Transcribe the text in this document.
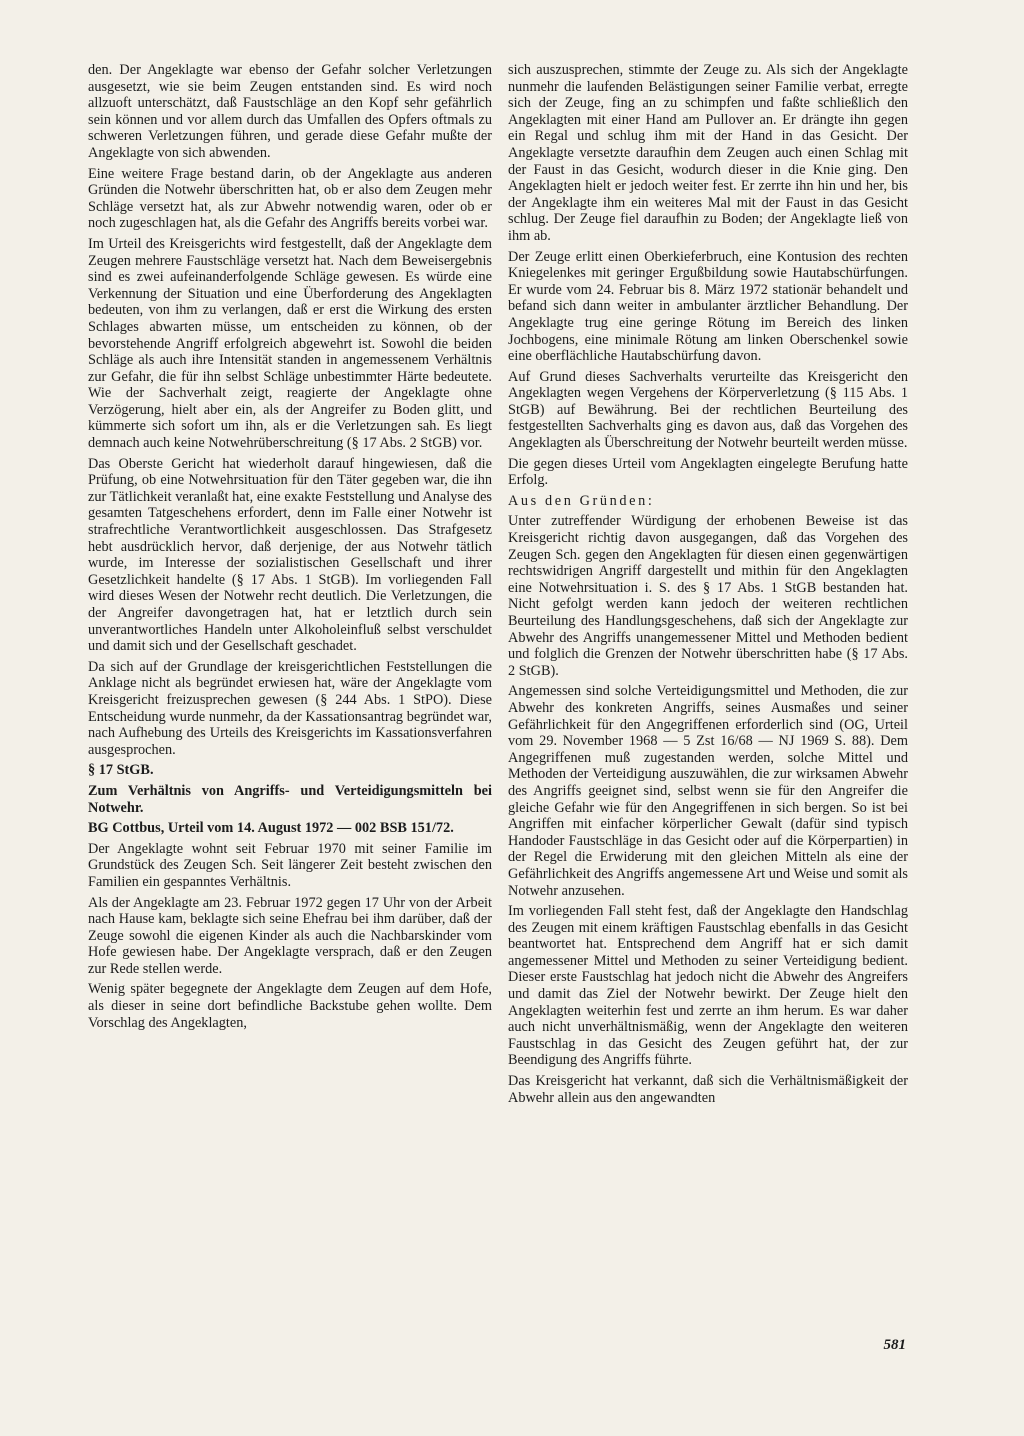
den. Der Angeklagte war ebenso der Gefahr solcher Verletzungen ausgesetzt, wie sie beim Zeugen entstanden sind. Es wird noch allzuoft unterschätzt, daß Faustschläge an den Kopf sehr gefährlich sein können und vor allem durch das Umfallen des Opfers oftmals zu schweren Verletzungen führen, und gerade diese Gefahr mußte der Angeklagte von sich abwenden.

Eine weitere Frage bestand darin, ob der Angeklagte aus anderen Gründen die Notwehr überschritten hat, ob er also dem Zeugen mehr Schläge versetzt hat, als zur Abwehr notwendig waren, oder ob er noch zugeschlagen hat, als die Gefahr des Angriffs bereits vorbei war.

Im Urteil des Kreisgerichts wird festgestellt, daß der Angeklagte dem Zeugen mehrere Faustschläge versetzt hat. Nach dem Beweisergebnis sind es zwei aufeinanderfolgende Schläge gewesen. Es würde eine Verkennung der Situation und eine Überforderung des Angeklagten bedeuten, von ihm zu verlangen, daß er erst die Wirkung des ersten Schlages abwarten müsse, um entscheiden zu können, ob der bevorstehende Angriff erfolgreich abgewehrt ist. Sowohl die beiden Schläge als auch ihre Intensität standen in angemessenem Verhältnis zur Gefahr, die für ihn selbst Schläge unbestimmter Härte bedeutete. Wie der Sachverhalt zeigt, reagierte der Angeklagte ohne Verzögerung, hielt aber ein, als der Angreifer zu Boden glitt, und kümmerte sich sofort um ihn, als er die Verletzungen sah. Es liegt demnach auch keine Notwehrüberschreitung (§ 17 Abs. 2 StGB) vor.

Das Oberste Gericht hat wiederholt darauf hingewiesen, daß die Prüfung, ob eine Notwehrsituation für den Täter gegeben war, die ihn zur Tätlichkeit veranlaßt hat, eine exakte Feststellung und Analyse des gesamten Tatgeschehens erfordert, denn im Falle einer Notwehr ist strafrechtliche Verantwortlichkeit ausgeschlossen. Das Strafgesetz hebt ausdrücklich hervor, daß derjenige, der aus Notwehr tätlich wurde, im Interesse der sozialistischen Gesellschaft und ihrer Gesetzlichkeit handelte (§ 17 Abs. 1 StGB). Im vorliegenden Fall wird dieses Wesen der Notwehr recht deutlich. Die Verletzungen, die der Angreifer davongetragen hat, hat er letztlich durch sein unverantwortliches Handeln unter Alkoholeinfluß selbst verschuldet und damit sich und der Gesellschaft geschadet.

Da sich auf der Grundlage der kreisgerichtlichen Feststellungen die Anklage nicht als begründet erwiesen hat, wäre der Angeklagte vom Kreisgericht freizusprechen gewesen (§ 244 Abs. 1 StPO). Diese Entscheidung wurde nunmehr, da der Kassationsantrag begründet war, nach Aufhebung des Urteils des Kreisgerichts im Kassationsverfahren ausgesprochen.

§ 17 StGB.

Zum Verhältnis von Angriffs- und Verteidigungsmitteln bei Notwehr.

BG Cottbus, Urteil vom 14. August 1972 — 002 BSB 151/72.

Der Angeklagte wohnt seit Februar 1970 mit seiner Familie im Grundstück des Zeugen Sch. Seit längerer Zeit besteht zwischen den Familien ein gespanntes Verhältnis.

Als der Angeklagte am 23. Februar 1972 gegen 17 Uhr von der Arbeit nach Hause kam, beklagte sich seine Ehefrau bei ihm darüber, daß der Zeuge sowohl die eigenen Kinder als auch die Nachbarskinder vom Hofe gewiesen habe. Der Angeklagte versprach, daß er den Zeugen zur Rede stellen werde.

Wenig später begegnete der Angeklagte dem Zeugen auf dem Hofe, als dieser in seine dort befindliche Backstube gehen wollte. Dem Vorschlag des Angeklagten,

sich auszusprechen, stimmte der Zeuge zu. Als sich der Angeklagte nunmehr die laufenden Belästigungen seiner Familie verbat, erregte sich der Zeuge, fing an zu schimpfen und faßte schließlich den Angeklagten mit einer Hand am Pullover an. Er drängte ihn gegen ein Regal und schlug ihm mit der Hand in das Gesicht. Der Angeklagte versetzte daraufhin dem Zeugen auch einen Schlag mit der Faust in das Gesicht, wodurch dieser in die Knie ging. Den Angeklagten hielt er jedoch weiter fest. Er zerrte ihn hin und her, bis der Angeklagte ihm ein weiteres Mal mit der Faust in das Gesicht schlug. Der Zeuge fiel daraufhin zu Boden; der Angeklagte ließ von ihm ab.

Der Zeuge erlitt einen Oberkieferbruch, eine Kontusion des rechten Kniegelenkes mit geringer Ergußbildung sowie Hautabschürfungen. Er wurde vom 24. Februar bis 8. März 1972 stationär behandelt und befand sich dann weiter in ambulanter ärztlicher Behandlung. Der Angeklagte trug eine geringe Rötung im Bereich des linken Jochbogens, eine minimale Rötung am linken Oberschenkel sowie eine oberflächliche Hautabschürfung davon.

Auf Grund dieses Sachverhalts verurteilte das Kreisgericht den Angeklagten wegen Vergehens der Körperverletzung (§ 115 Abs. 1 StGB) auf Bewährung. Bei der rechtlichen Beurteilung des festgestellten Sachverhalts ging es davon aus, daß das Vorgehen des Angeklagten als Überschreitung der Notwehr beurteilt werden müsse.

Die gegen dieses Urteil vom Angeklagten eingelegte Berufung hatte Erfolg.

Aus den Gründen:

Unter zutreffender Würdigung der erhobenen Beweise ist das Kreisgericht richtig davon ausgegangen, daß das Vorgehen des Zeugen Sch. gegen den Angeklagten für diesen einen gegenwärtigen rechtswidrigen Angriff dargestellt und mithin für den Angeklagten eine Notwehrsituation i. S. des § 17 Abs. 1 StGB bestanden hat. Nicht gefolgt werden kann jedoch der weiteren rechtlichen Beurteilung des Handlungsgeschehens, daß sich der Angeklagte zur Abwehr des Angriffs unangemessener Mittel und Methoden bedient und folglich die Grenzen der Notwehr überschritten habe (§ 17 Abs. 2 StGB).

Angemessen sind solche Verteidigungsmittel und Methoden, die zur Abwehr des konkreten Angriffs, seines Ausmaßes und seiner Gefährlichkeit für den Angegriffenen erforderlich sind (OG, Urteil vom 29. November 1968 — 5 Zst 16/68 — NJ 1969 S. 88). Dem Angegriffenen muß zugestanden werden, solche Mittel und Methoden der Verteidigung auszuwählen, die zur wirksamen Abwehr des Angriffs geeignet sind, selbst wenn sie für den Angreifer die gleiche Gefahr wie für den Angegriffenen in sich bergen. So ist bei Angriffen mit einfacher körperlicher Gewalt (dafür sind typisch Handoder Faustschläge in das Gesicht oder auf die Körperpartien) in der Regel die Erwiderung mit den gleichen Mitteln als eine der Gefährlichkeit des Angriffs angemessene Art und Weise und somit als Notwehr anzusehen.

Im vorliegenden Fall steht fest, daß der Angeklagte den Handschlag des Zeugen mit einem kräftigen Faustschlag ebenfalls in das Gesicht beantwortet hat. Entsprechend dem Angriff hat er sich damit angemessener Mittel und Methoden zu seiner Verteidigung bedient. Dieser erste Faustschlag hat jedoch nicht die Abwehr des Angreifers und damit das Ziel der Notwehr bewirkt. Der Zeuge hielt den Angeklagten weiterhin fest und zerrte an ihm herum. Es war daher auch nicht unverhältnismäßig, wenn der Angeklagte den weiteren Faustschlag in das Gesicht des Zeugen geführt hat, der zur Beendigung des Angriffs führte.

Das Kreisgericht hat verkannt, daß sich die Verhältnismäßigkeit der Abwehr allein aus den angewandten

581
